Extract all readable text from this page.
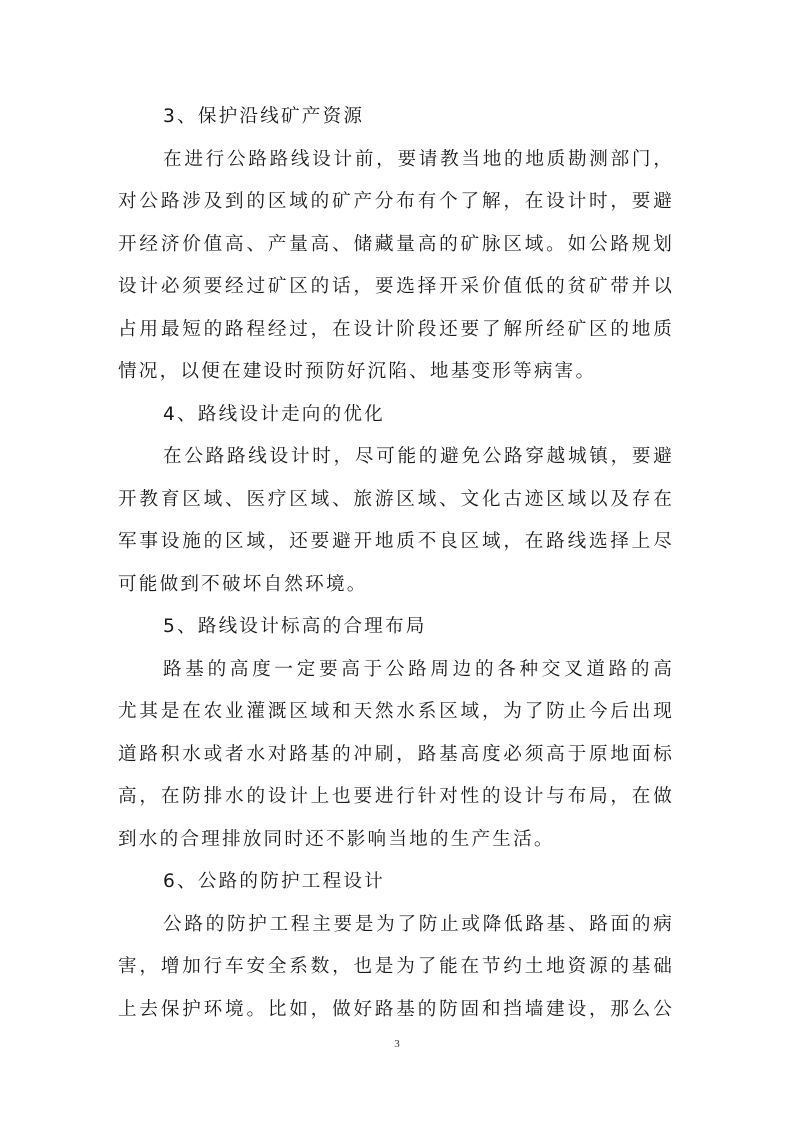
3、保护沿线矿产资源
在进行公路路线设计前，要请教当地的地质勘测部门，
对公路涉及到的区域的矿产分布有个了解，在设计时，要避
开经济价值高、产量高、储藏量高的矿脉区域。如公路规划
设计必须要经过矿区的话，要选择开采价值低的贫矿带并以
占用最短的路程经过，在设计阶段还要了解所经矿区的地质
情况，以便在建设时预防好沉陷、地基变形等病害。
4、路线设计走向的优化
在公路路线设计时，尽可能的避免公路穿越城镇，要避
开教育区域、医疗区域、旅游区域、文化古迹区域以及存在
军事设施的区域，还要避开地质不良区域，在路线选择上尽
可能做到不破坏自然环境。
5、路线设计标高的合理布局
路基的高度一定要高于公路周边的各种交叉道路的高
尤其是在农业灌溉区域和天然水系区域，为了防止今后出现
道路积水或者水对路基的冲刷，路基高度必须高于原地面标
高，在防排水的设计上也要进行针对性的设计与布局，在做
到水的合理排放同时还不影响当地的生产生活。
6、公路的防护工程设计
公路的防护工程主要是为了防止或降低路基、路面的病
害，增加行车安全系数，也是为了能在节约土地资源的基础
上去保护环境。比如，做好路基的防固和挡墙建设，那么公
3
